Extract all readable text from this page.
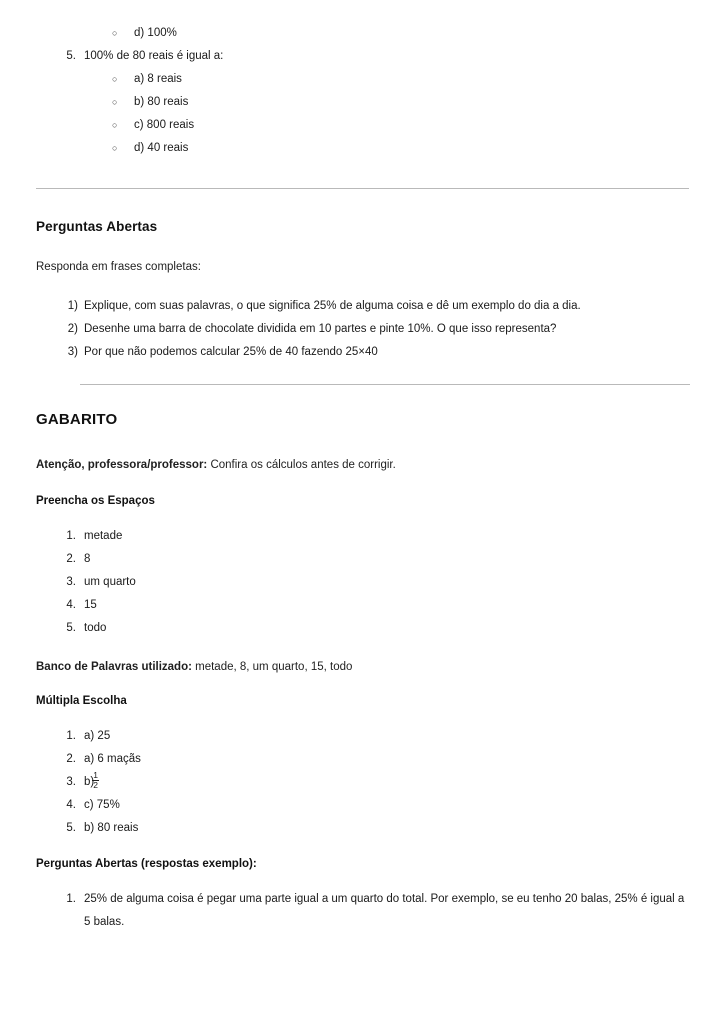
○ d) 100%
5. 100% de 80 reais é igual a:
○ a) 8 reais
○ b) 80 reais
○ c) 800 reais
○ d) 40 reais
Perguntas Abertas

Responda em frases completas:

1) Explique, com suas palavras, o que significa 25% de alguma coisa e dê um exemplo do dia a dia.
2) Desenhe uma barra de chocolate dividida em 10 partes e pinte 10%. O que isso representa?
3) Por que não podemos calcular 25% de 40 fazendo 25×40
GABARITO

Atenção, professora/professor: Confira os cálculos antes de corrigir.

Preencha os Espaços
1. metade
2. 8
3. um quarto
4. 15
5. todo

Banco de Palavras utilizado: metade, 8, um quarto, 15, todo

Múltipla Escolha
1. a) 25
2. a) 6 maçãs
3. b)
$\frac{1}{2}$
4. c) 75%
5. b) 80 reais
Perguntas Abertas (respostas exemplo):
1. 25% de alguma coisa é pegar uma parte igual a um quarto do total. Por exemplo, se eu tenho 20 balas, 25% é igual a 5 balas.
